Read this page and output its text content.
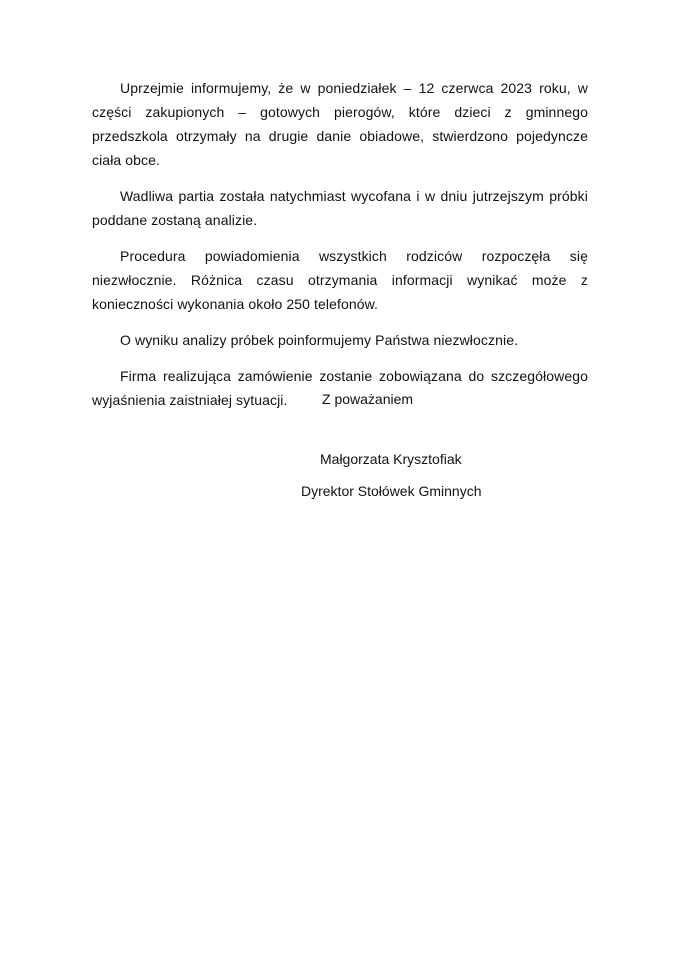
Uprzejmie informujemy, że w poniedziałek – 12 czerwca 2023 roku, w części zakupionych – gotowych pierogów, które dzieci z gminnego przedszkola otrzymały na drugie danie obiadowe, stwierdzono pojedyncze ciała obce.

Wadliwa partia została natychmiast wycofana i w dniu jutrzejszym próbki poddane zostaną analizie.

Procedura powiadomienia wszystkich rodziców rozpoczęła się niezwłocznie. Różnica czasu otrzymania informacji wynikać może z konieczności wykonania około 250 telefonów.

O wyniku analizy próbek poinformujemy Państwa niezwłocznie.

Firma realizująca zamówienie zostanie zobowiązana do szczegółowego wyjaśnienia zaistniałej sytuacji.	Z poważaniem
Małgorzata Krysztofiak
Dyrektor Stołówek Gminnych
